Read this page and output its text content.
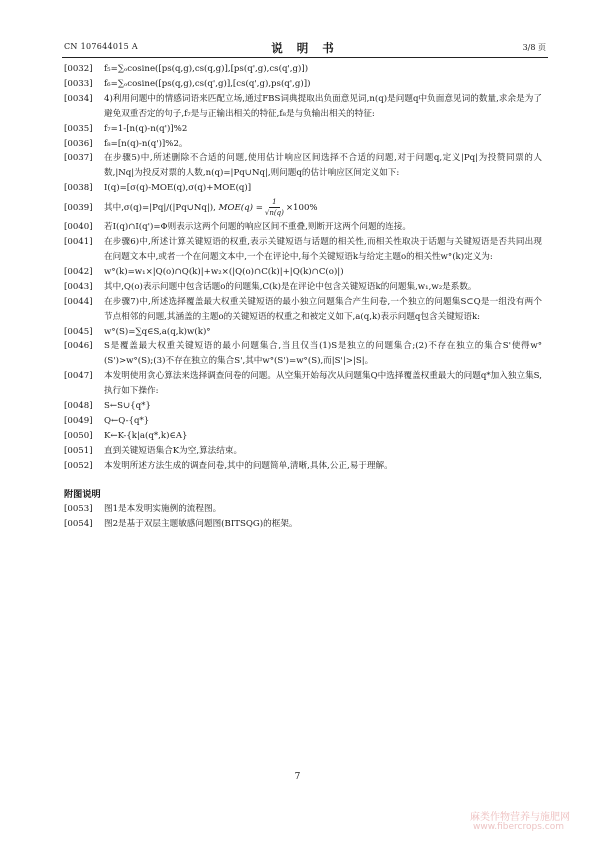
CN 107644015 A	说 明 书	3/8 页
[0032]	f₅=∑ₒcosine([ps(q,g),cs(q,g)],[ps(q',g),cs(q',g)])
[0033]	f₆=∑ₒcosine([ps(q,g),cs(q',g)],[cs(q',g),ps(q',g)])
[0034]	4)利用问题中的情感词语来匹配立场,通过FBS词典提取出负面意见词,n(q)是问题q中负面意见词的数量,求余是为了避免双重否定的句子,f₇是与正输出相关的特征,f₈是与负输出相关的特征:
[0035]	f₇=1-[n(q)-n(q')]%2
[0036]	f₈=[n(q)-n(q')]%2。
[0037]	在步骤5)中,所述删除不合适的问题,使用估计响应区间选择不合适的问题,对于问题q,定义|Pq|为投赞同票的人数,|Nq|为投反对票的人数,n(q)=|Pq∪Nq|,则问题q的估计响应区间定义如下:
[0038]	I(q)=[σ(q)-MOE(q),σ(q)+MOE(q)]
[0039]	其中,σ(q)=|Pq|/(|Pq∪Nq|), $MOE(q) = \frac{1}{√n(q)} \times 100\%$
[0040]	若I(q)∩I(q')=Φ则表示这两个问题的响应区间不重叠,则断开这两个问题的连接。
[0041]	在步骤6)中,所述计算关键短语的权重,表示关键短语与话题的相关性,而相关性取决于话题与关键短语是否共同出现在问题文本中,或者一个在问题文本中,一个在评论中,每个关键短语k与给定主题o的相关性w°(k)定义为:
[0042]	w°(k)=w₁×|Q(o)∩Q(k)|+w₂×(|Q(o)∩C(k)|+|Q(k)∩C(o)|)
[0043]	其中,Q(o)表示问题中包含话题o的问题集,C(k)是在评论中包含关键短语k的问题集,w₁,w₂是系数。
[0044]	在步骤7)中,所述选择覆盖最大权重关键短语的最小独立问题集合产生问卷,一个独立的问题集S⊂Q是一组没有两个节点相邻的问题,其涵盖的主题o的关键短语的权重之和被定义如下,a(q,k)表示问题q包含关键短语k:
[0045]	w°(S)=∑q∈S,a(q,k)w(k)°
[0046]	S是覆盖最大权重关键短语的最小问题集合,当且仅当(1)S是独立的问题集合;(2)不存在独立的集合S'使得w°(S')>w°(S);(3)不存在独立的集合S',其中w°(S')=w°(S),而|S'|>|S|。
[0047]	本发明使用贪心算法来选择调查问卷的问题。从空集开始每次从问题集Q中选择覆盖权重最大的问题q*加入独立集S,执行如下操作:
[0048]	S←S∪{q*}
[0049]	Q←Q-{q*}
[0050]	K←K-{k|a(q*,k)∈A}
[0051]	直到关键短语集合K为空,算法结束。
[0052]	本发明所述方法生成的调查问卷,其中的问题简单,清晰,具体,公正,易于理解。
附图说明
[0053]	图1是本发明实施例的流程图。
[0054]	图2是基于双层主题敏感问题图(BITSQG)的框架。
7
麻类作物营养与施肥网
www.fibercrops.com
